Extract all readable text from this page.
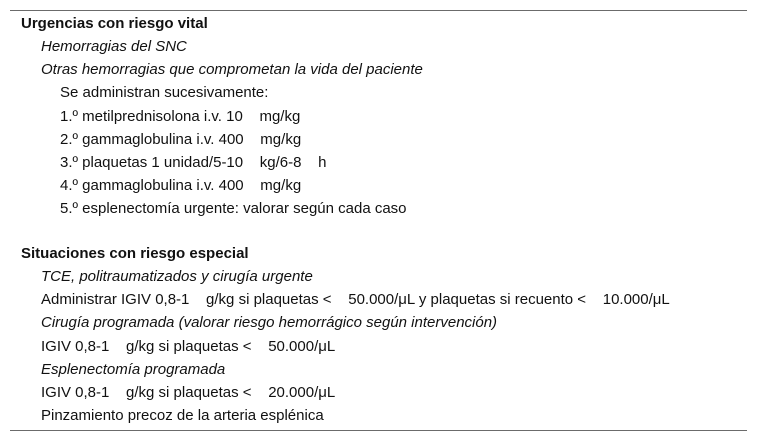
Urgencias con riesgo vital
Hemorragias del SNC
Otras hemorragias que comprometan la vida del paciente
Se administran sucesivamente:
1.º metilprednisolona i.v. 10    mg/kg
2.º gammaglobulina i.v. 400    mg/kg
3.º plaquetas 1 unidad/5-10    kg/6-8    h
4.º gammaglobulina i.v. 400    mg/kg
5.º esplenectomía urgente: valorar según cada caso
Situaciones con riesgo especial
TCE, politraumatizados y cirugía urgente
Administrar IGIV 0,8-1    g/kg si plaquetas <    50.000/μL y plaquetas si recuento <    10.000/μL
Cirugía programada (valorar riesgo hemorrágico según intervención)
IGIV 0,8-1    g/kg si plaquetas <    50.000/μL
Esplenectomía programada
IGIV 0,8-1    g/kg si plaquetas <    20.000/μL
Pinzamiento precoz de la arteria esplénica
